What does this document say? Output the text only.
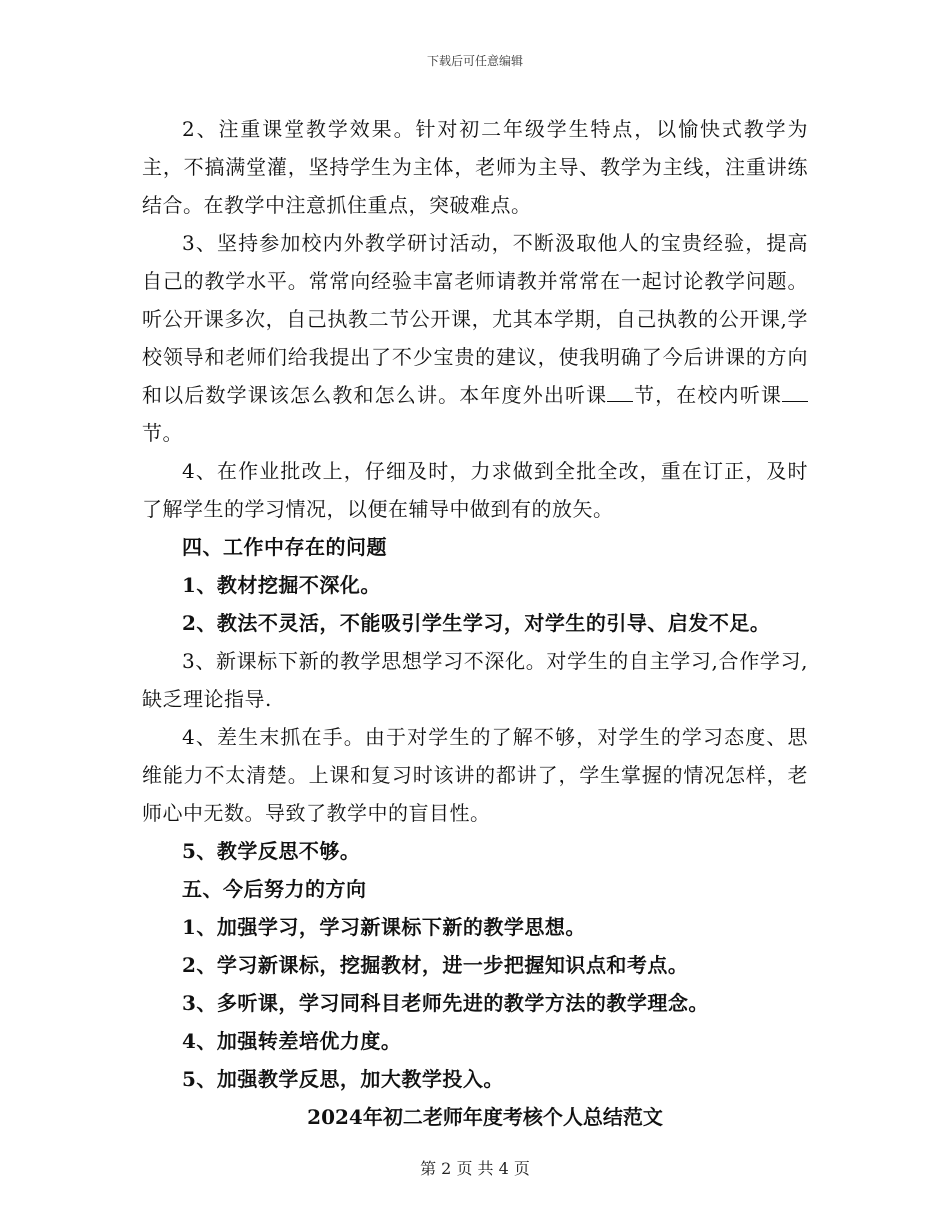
下载后可任意编辑

2、注重课堂教学效果。针对初二年级学生特点，以愉快式教学为主，不搞满堂灌，坚持学生为主体，老师为主导、教学为主线，注重讲练结合。在教学中注意抓住重点，突破难点。

3、坚持参加校内外教学研讨活动，不断汲取他人的宝贵经验，提高自己的教学水平。常常向经验丰富老师请教并常常在一起讨论教学问题。听公开课多次，自己执教二节公开课，尤其本学期，自己执教的公开课,学校领导和老师们给我提出了不少宝贵的建议，使我明确了今后讲课的方向和以后数学课该怎么教和怎么讲。本年度外出听课 节，在校内听课节。

4、在作业批改上，仔细及时，力求做到全批全改，重在订正，及时了解学生的学习情况，以便在辅导中做到有的放矢。

四、工作中存在的问题

1、教材挖掘不深化。

2、教法不灵活，不能吸引学生学习，对学生的引导、启发不足。

3、新课标下新的教学思想学习不深化。对学生的自主学习,合作学习,缺乏理论指导.

4、差生末抓在手。由于对学生的了解不够，对学生的学习态度、思维能力不太清楚。上课和复习时该讲的都讲了，学生掌握的情况怎样，老师心中无数。导致了教学中的盲目性。

5、教学反思不够。

五、今后努力的方向

1、加强学习，学习新课标下新的教学思想。

2、学习新课标，挖掘教材，进一步把握知识点和考点。

3、多听课，学习同科目老师先进的教学方法的教学理念。

4、加强转差培优力度。

5、加强教学反思，加大教学投入。

2024年初二老师年度考核个人总结范文

第 2 页 共 4 页
